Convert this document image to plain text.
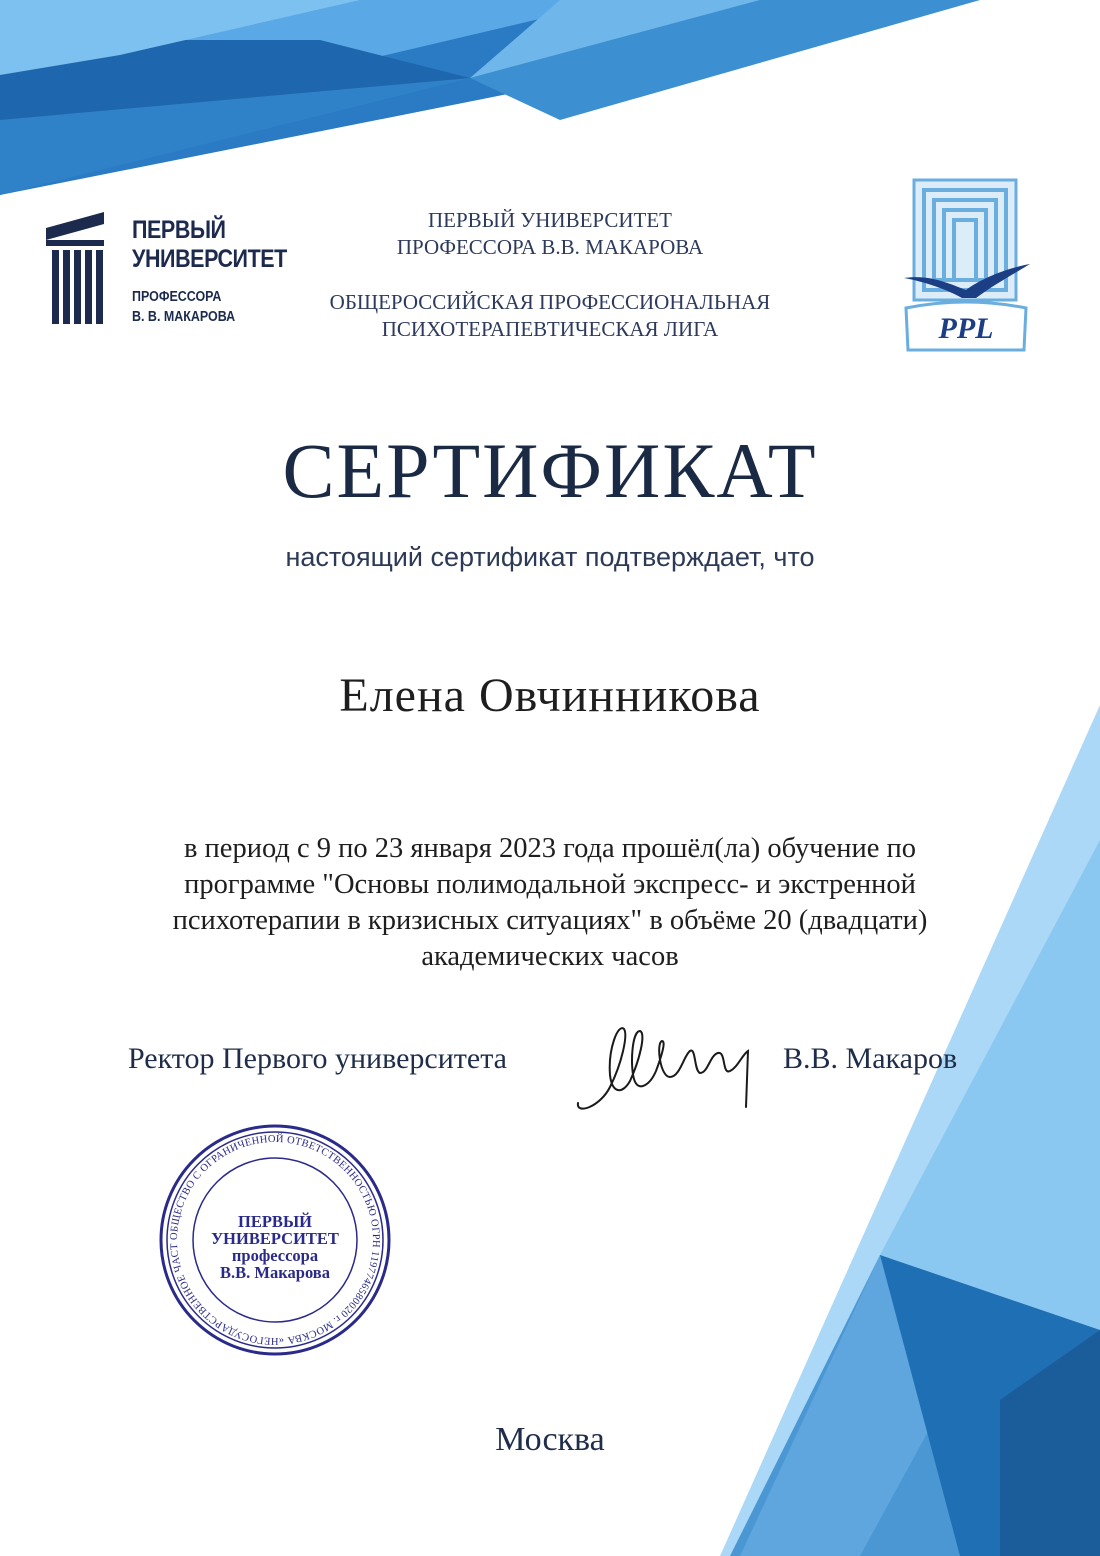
ПЕРВЫЙ
УНИВЕРСИТЕТ
ПРОФЕССОРА
В. В. МАКАРОВА
ПЕРВЫЙ УНИВЕРСИТЕТ
ПРОФЕССОРА В.В. МАКАРОВА
ОБЩЕРОССИЙСКАЯ ПРОФЕССИОНАЛЬНАЯ
ПСИХОТЕРАПЕВТИЧЕСКАЯ ЛИГА	PPL
СЕРТИФИКАТ
настоящий сертификат подтверждает, что
Елена Овчинникова
в период с 9 по 23 января 2023 года прошёл(ла) обучение по
программе "Основы полимодальной экспресс- и экстренной
психотерапии в кризисных ситуациях" в объёме 20 (двадцати)
академических часов
Ректор Первого университета	В.В. Макаров
ОБЩЕСТВО С ОГРАНИЧЕННОЙ ОТВЕТСТВЕННОСТЬЮ ОГРН 1197746580020 г. МОСКВА «НЕГОСУДАРСТВЕННОЕ ЧАСТ
ПЕРВЫЙ
УНИВЕРСИТЕТ
профессора
В.В. Макарова
Москва
